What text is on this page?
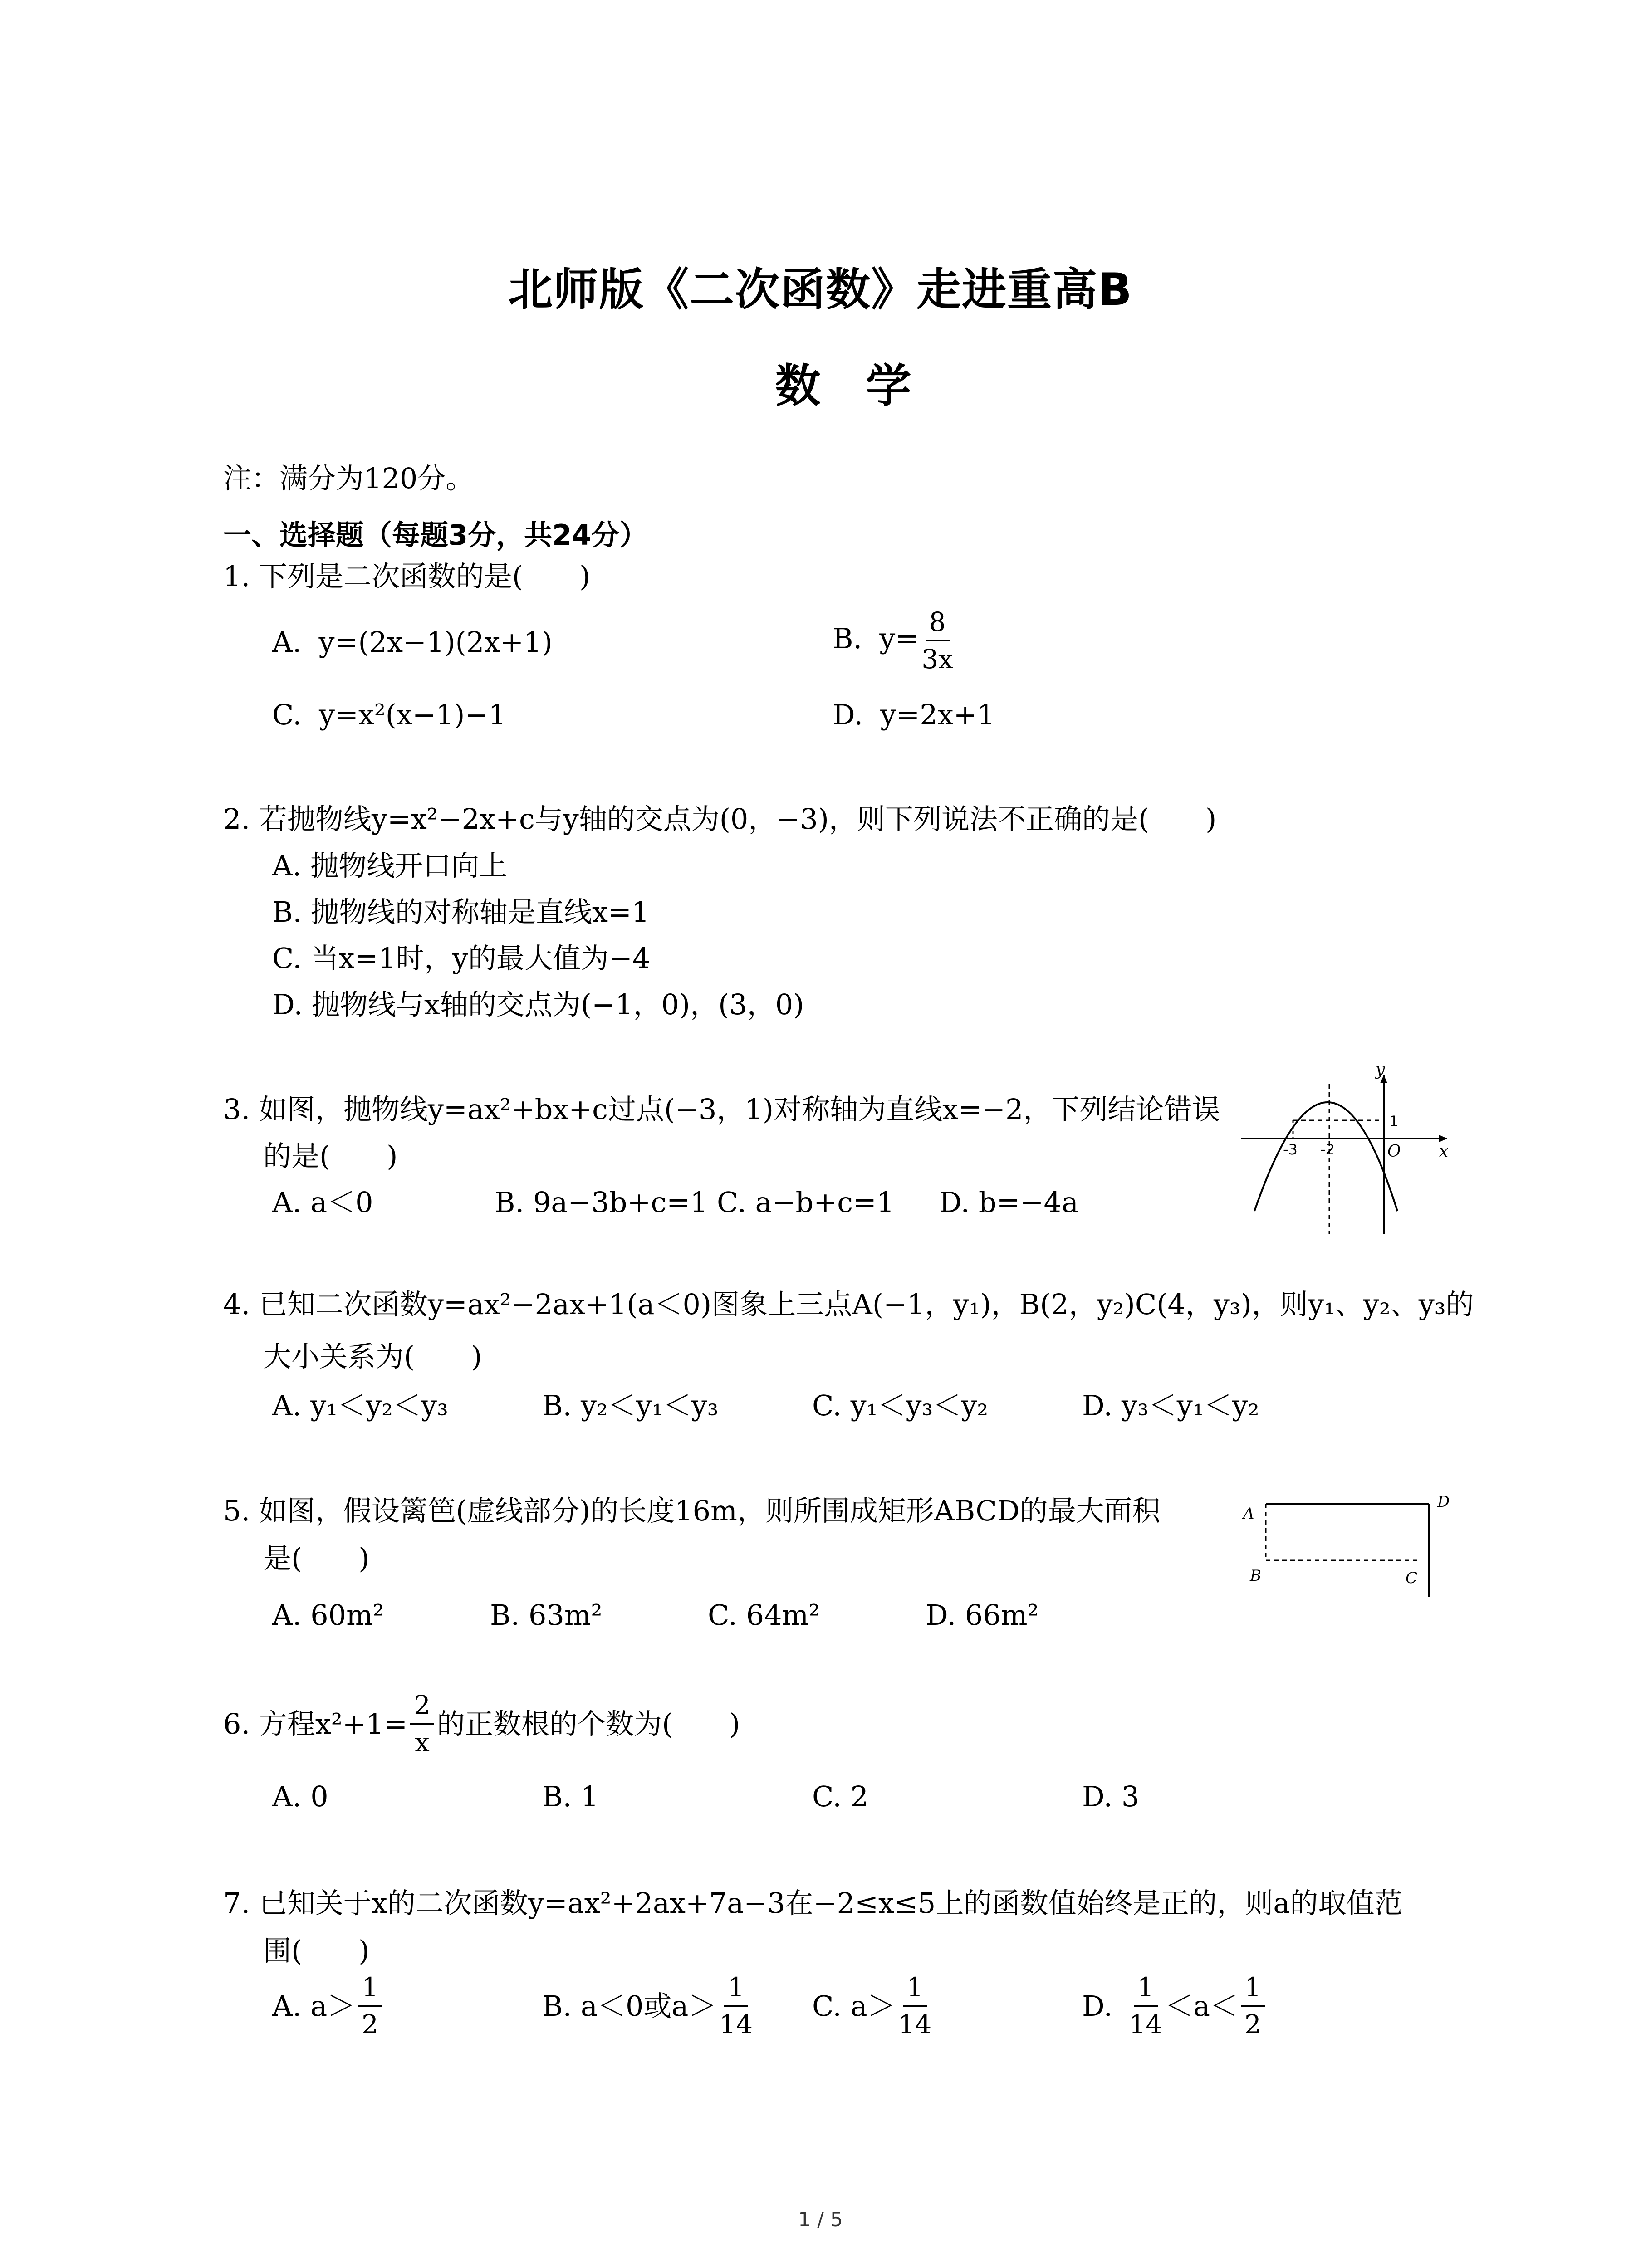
北师版《二次函数》走进重高B
数学
注：满分为120分。
一、选择题（每题3分，共24分）
1. 下列是二次函数的是(　　)
A. y=(2x−1)(2x+1)	B. $y= \frac{8}{3x}$
C. y=x²(x−1)−1	D. y=2x+1
2. 若抛物线y=x²−2x+c与y轴的交点为(0，−3)，则下列说法不正确的是(　　)
A. 抛物线开口向上
B. 抛物线的对称轴是直线x=1
C. 当x=1时，y的最大值为−4
D. 抛物线与x轴的交点为(−1，0)，(3，0)
3. 如图，抛物线y=ax²+bx+c过点(−3，1)对称轴为直线x=−2，下列结论错误
的是(　　)
A. a＜0	B. 9a−3b+c=1 C. a−b+c=1 D. b=−4a
y
x
O
-3 -2
1
4. 已知二次函数y=ax²−2ax+1(a＜0)图象上三点A(−1，y₁)，B(2，y₂)C(4，y₃)，则y₁、y₂、y₃的
大小关系为(　　)
A. y₁＜y₂＜y₃	B. y₂＜y₁＜y₃	C. y₁＜y₃＜y₂	D. y₃＜y₁＜y₂
5. 如图，假设篱笆(虚线部分)的长度16m，则所围成矩形ABCD的最大面积
是(　　)
A. 60m²	B. 63m²	C. 64m²	D. 66m²
A
D
B	C
6. 方程$x^2+1= \frac{2}{x}$ 的正数根的个数为(　　)
A. 0	B. 1	C. 2	D. 3
7. 已知关于x的二次函数y=ax²+2ax+7a−3在−2≤x≤5上的函数值始终是正的，则a的取值范
围(　　)
A. $a> \frac{1}{2}$	B. a＜0或$a> \frac{1}{14} C$. $a> \frac{1}{14}$	D. $\frac{1}{14} <a< \frac{1}{2}$
1 / 5
